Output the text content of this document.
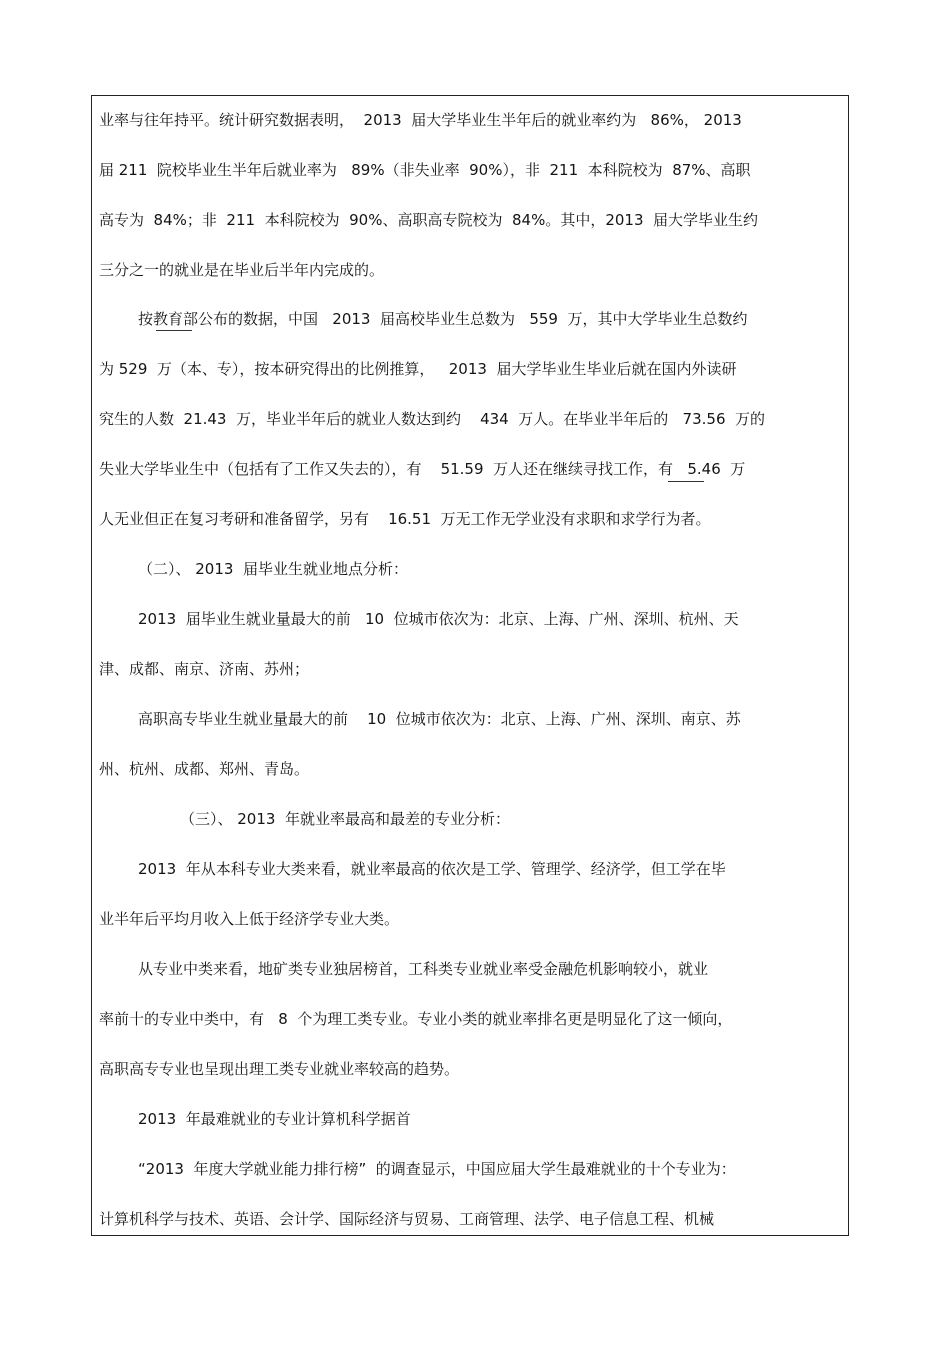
业率与往年持平。统计研究数据表明，  2013  届大学毕业生半年后的就业率约为   86%， 2013
届 211  院校毕业生半年后就业率为   89%（非失业率  90%），非  211  本科院校为  87%、高职
高专为  84%；非  211  本科院校为  90%、高职高专院校为  84%。其中，2013  届大学毕业生约
三分之一的就业是在毕业后半年内完成的。
按教育部公布的数据，中国   2013  届高校毕业生总数为   559  万，其中大学毕业生总数约
为 529  万（本、专），按本研究得出的比例推算，   2013  届大学毕业生毕业后就在国内外读研
究生的人数  21.43  万，毕业半年后的就业人数达到约    434  万人。在毕业半年后的   73.56  万的
失业大学毕业生中（包括有了工作又失去的），有    51.59  万人还在继续寻找工作，有   5.46  万
人无业但正在复习考研和准备留学，另有    16.51  万无工作无学业没有求职和求学行为者。
（二）、 2013  届毕业生就业地点分析：
2013  届毕业生就业量最大的前   10  位城市依次为：北京、上海、广州、深圳、杭州、天
津、成都、南京、济南、苏州；
高职高专毕业生就业量最大的前    10  位城市依次为：北京、上海、广州、深圳、南京、苏
州、杭州、成都、郑州、青岛。
（三）、 2013  年就业率最高和最差的专业分析：
2013  年从本科专业大类来看，就业率最高的依次是工学、管理学、经济学，但工学在毕
业半年后平均月收入上低于经济学专业大类。
从专业中类来看，地矿类专业独居榜首，工科类专业就业率受金融危机影响较小，就业
率前十的专业中类中，有   8  个为理工类专业。专业小类的就业率排名更是明显化了这一倾向，
高职高专专业也呈现出理工类专业就业率较高的趋势。
2013  年最难就业的专业计算机科学据首
“2013  年度大学就业能力排行榜”  的调查显示，中国应届大学生最难就业的十个专业为：
计算机科学与技术、英语、会计学、国际经济与贸易、工商管理、法学、电子信息工程、机械
